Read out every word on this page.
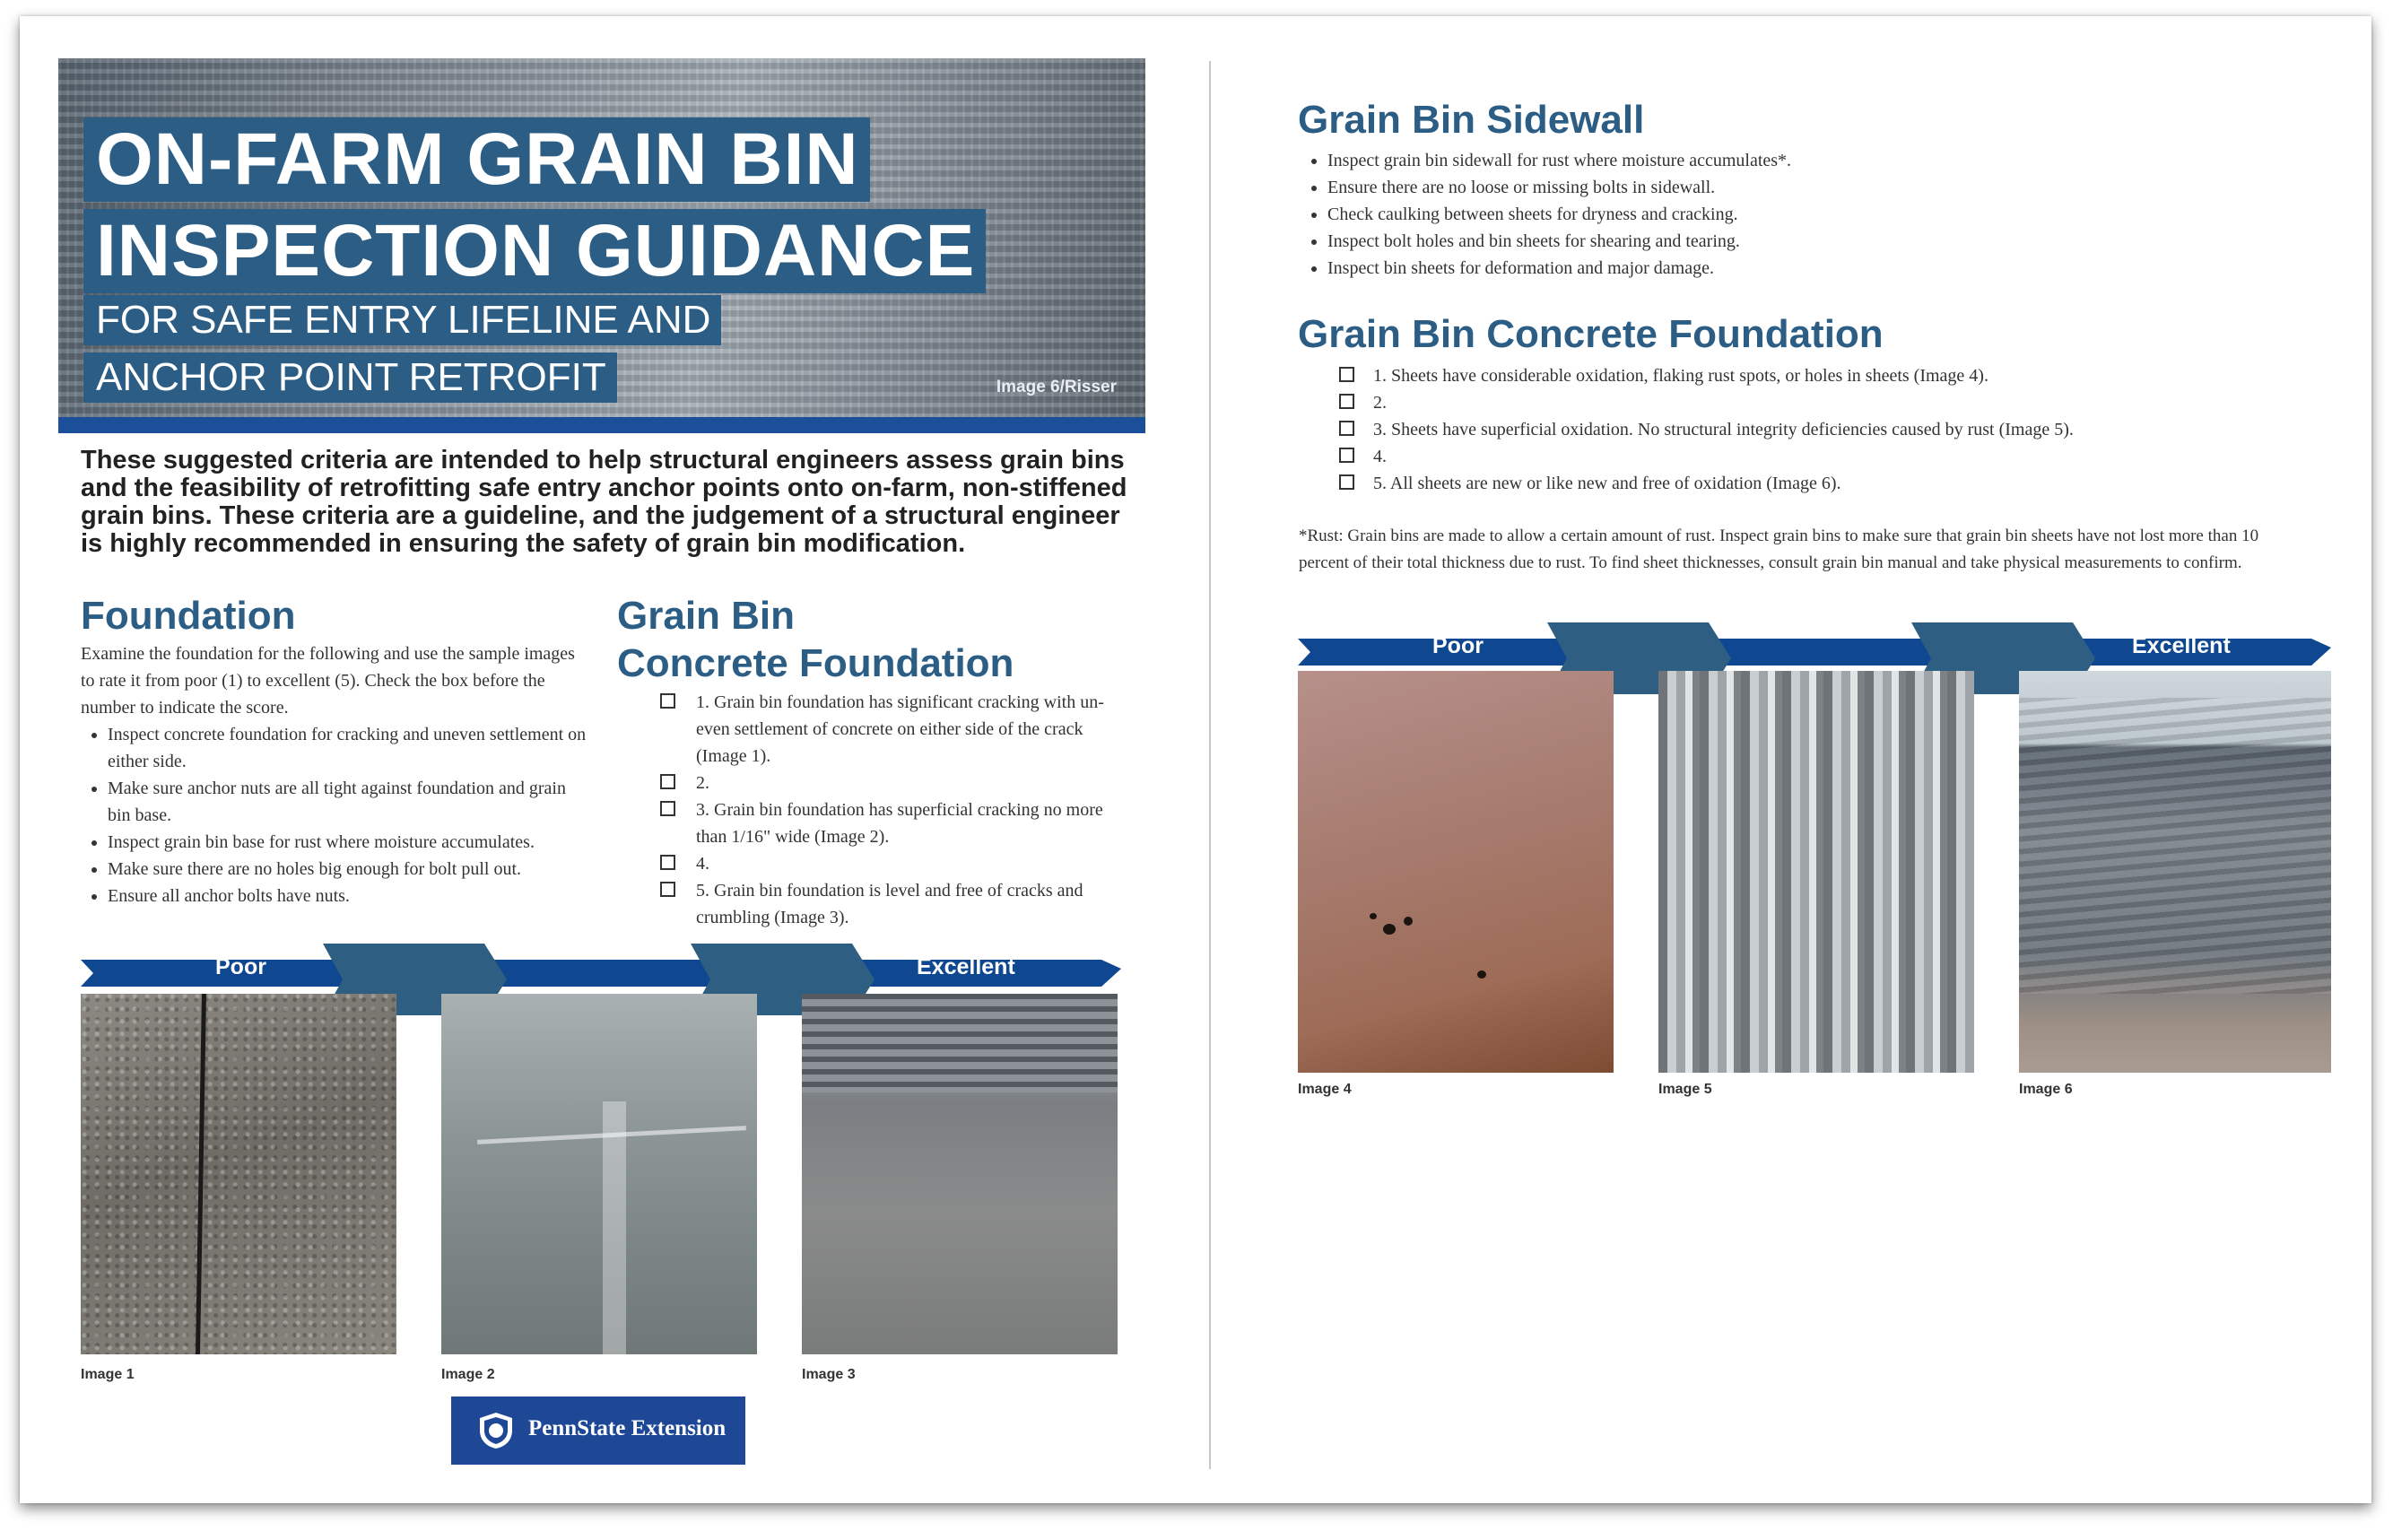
ON-FARM GRAIN BIN
INSPECTION GUIDANCE
FOR SAFE ENTRY LIFELINE AND
ANCHOR POINT RETROFIT	Image 6/Risser
These suggested criteria are intended to help structural engineers assess grain bins and the feasibility of retrofitting safe entry anchor points onto on-farm, non-stiffened grain bins. These criteria are a guideline, and the judgement of a structural engineer is highly recommended in ensuring the safety of grain bin modification.
Foundation
Examine the foundation for the following and use the sample images to rate it from poor (1) to excellent (5). Check the box before the number to indicate the score.
• Inspect concrete foundation for cracking and uneven settlement on either side.
• Make sure anchor nuts are all tight against foundation and grain bin base.
• Inspect grain bin base for rust where moisture accumulates.
• Make sure there are no holes big enough for bolt pull out.
• Ensure all anchor bolts have nuts.
Grain Bin
Concrete Foundation
1. Grain bin foundation has significant cracking with un-even settlement of concrete on either side of the crack (Image 1).
2.
3. Grain bin foundation has superficial cracking no more than 1/16" wide (Image 2).
4.
5. Grain bin foundation is level and free of cracks and crumbling (Image 3).
Poor	Excellent
Image 1	Image 2	Image 3
PennState Extension
Grain Bin Sidewall
• Inspect grain bin sidewall for rust where moisture accumulates*.
• Ensure there are no loose or missing bolts in sidewall.
• Check caulking between sheets for dryness and cracking.
• Inspect bolt holes and bin sheets for shearing and tearing.
• Inspect bin sheets for deformation and major damage.
Grain Bin Concrete Foundation
1. Sheets have considerable oxidation, flaking rust spots, or holes in sheets (Image 4).
2.
3. Sheets have superficial oxidation. No structural integrity deficiencies caused by rust (Image 5).
4.
5. All sheets are new or like new and free of oxidation (Image 6).
*Rust: Grain bins are made to allow a certain amount of rust. Inspect grain bins to make sure that grain bin sheets have not lost more than 10 percent of their total thickness due to rust. To find sheet thicknesses, consult grain bin manual and take physical measurements to confirm.
Poor	Excellent
Image 4	Image 5	Image 6
